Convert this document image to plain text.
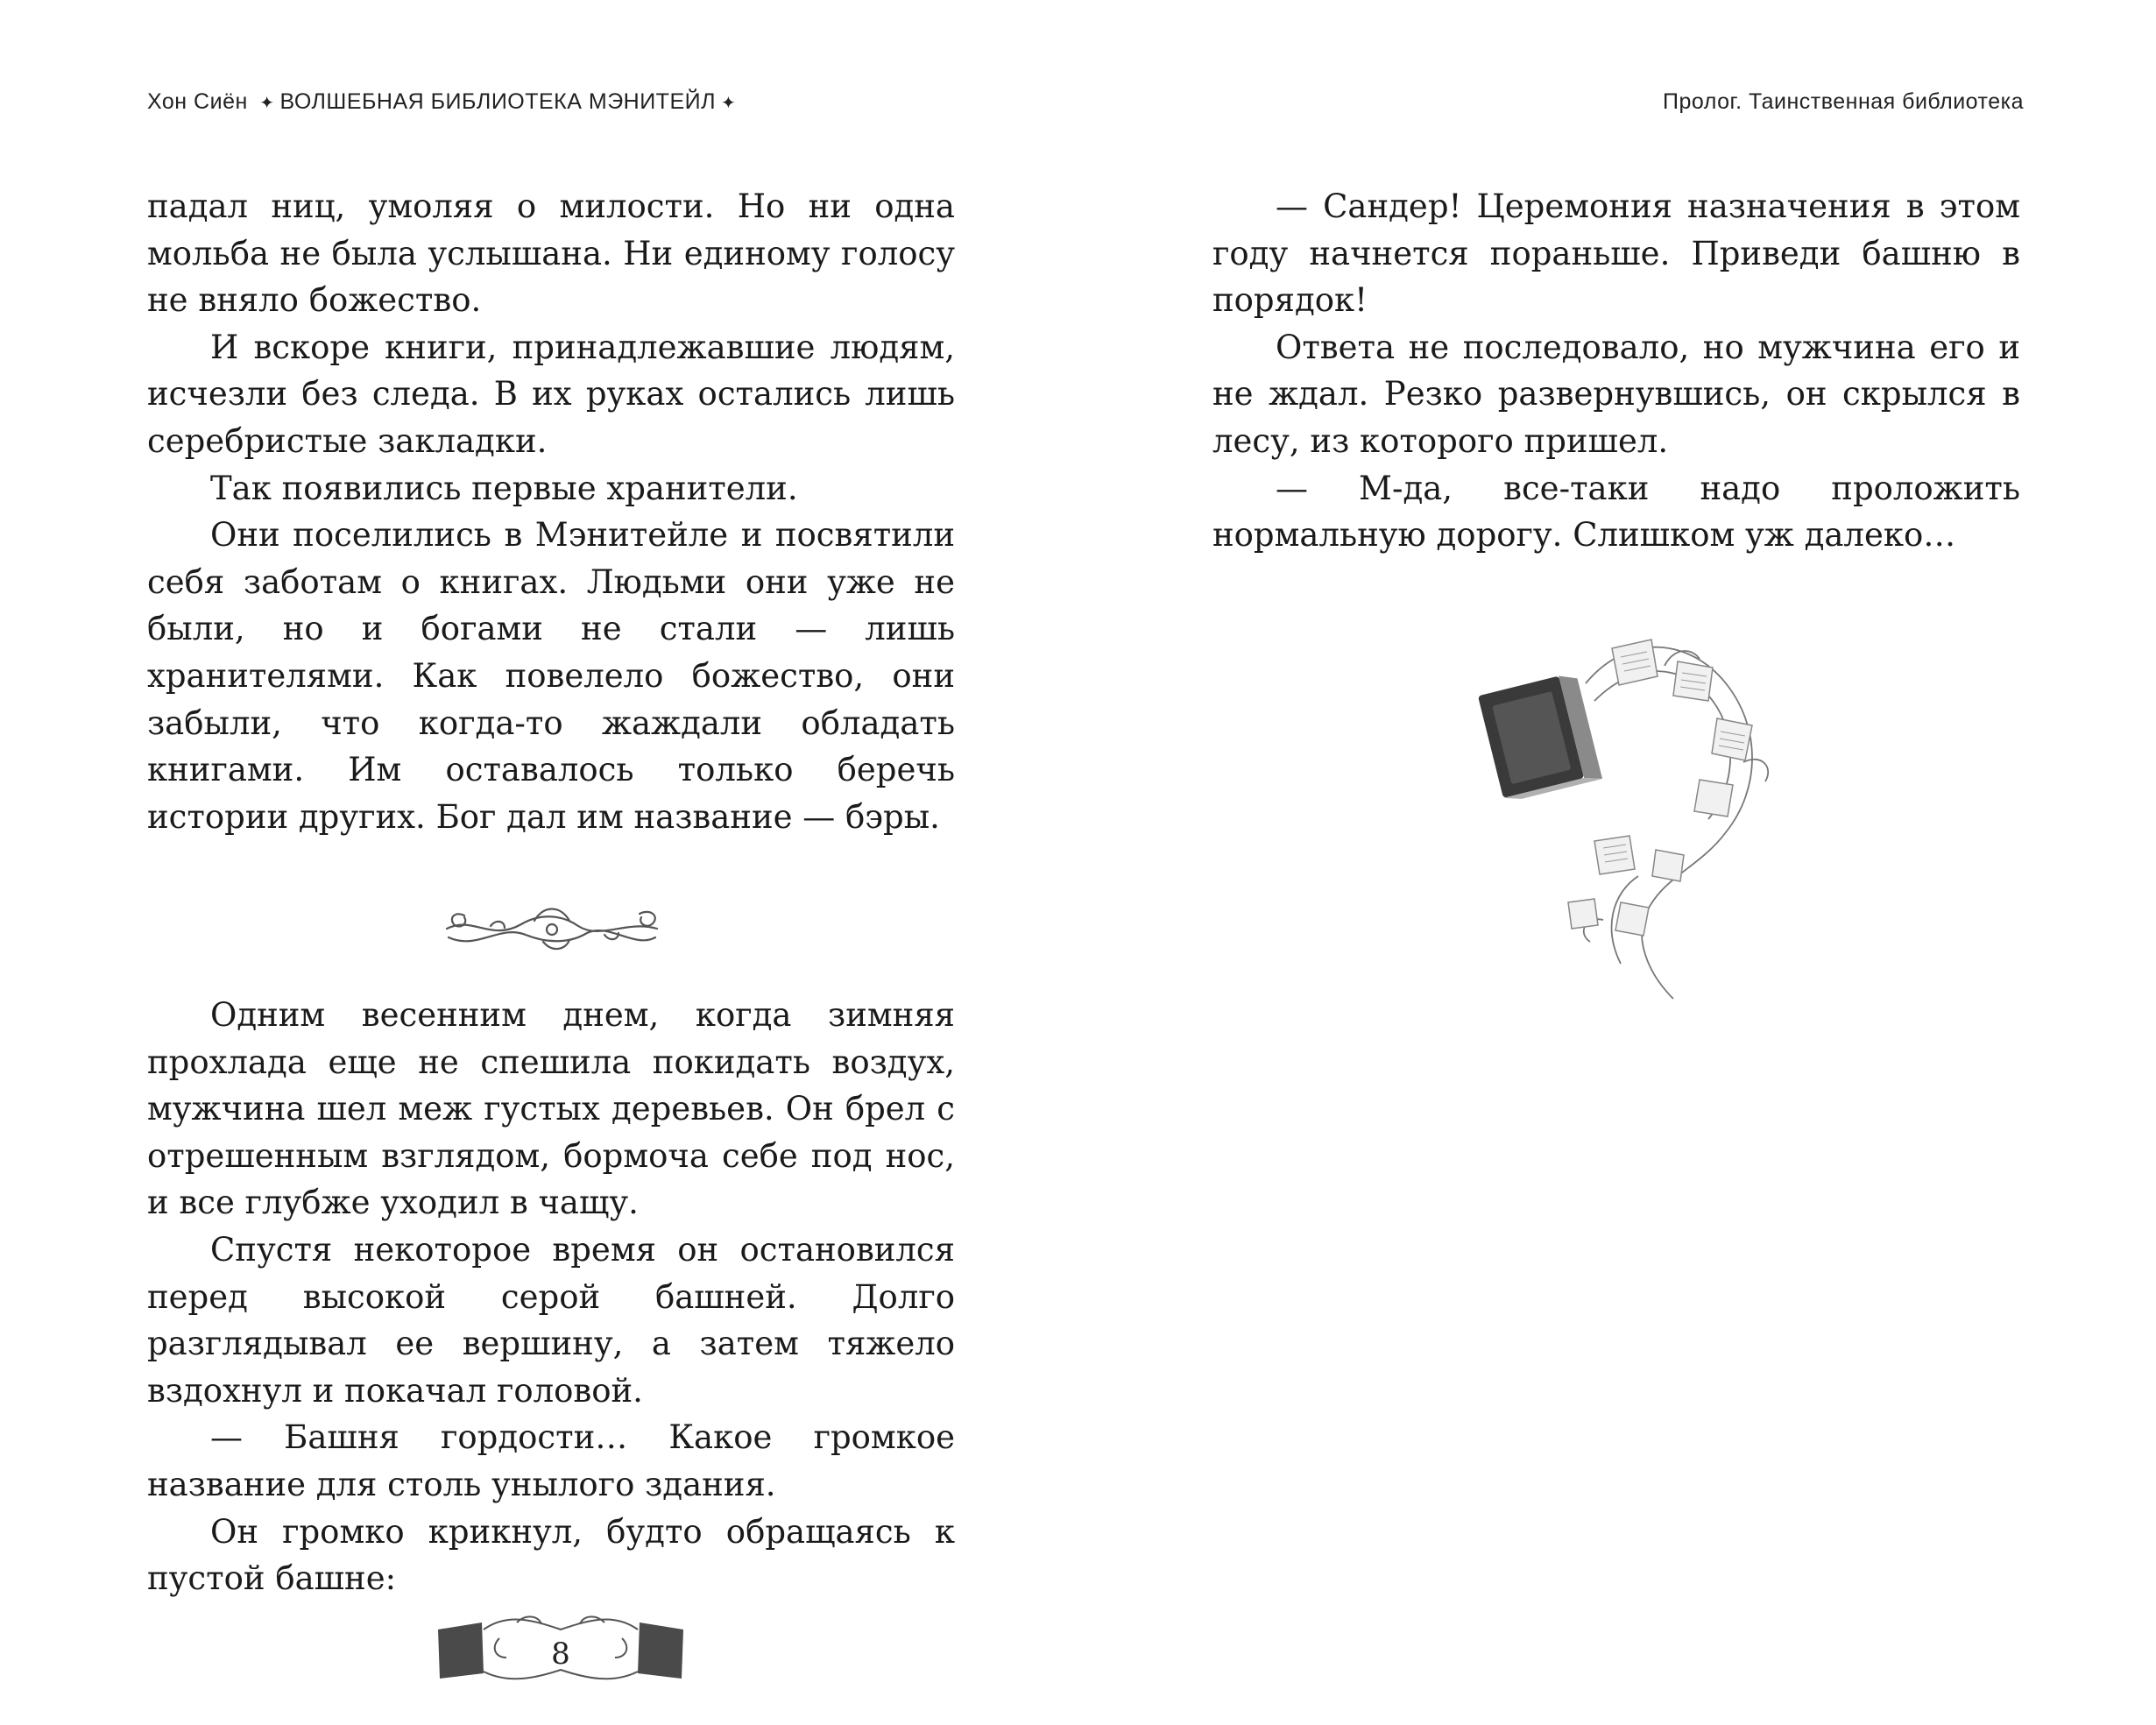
Хон Сиён ✦ ВОЛШЕБНАЯ БИБЛИОТЕКА МЭНИТЕЙЛ ✦

падал ниц, умоляя о милости. Но ни одна мольба не была услышана. Ни единому голосу не вняло божество.

И вскоре книги, принадлежавшие людям, исчезли без следа. В их руках остались лишь серебристые закладки.

Так появились первые хранители.

Они поселились в Мэнитейле и посвятили себя заботам о книгах. Людьми они уже не были, но и богами не стали — лишь хранителями. Как повелело божество, они забыли, что когда-то жаждали обладать книгами. Им оставалось только беречь истории других. Бог дал им название — бэры.

Одним весенним днем, когда зимняя прохлада еще не спешила покидать воздух, мужчина шел меж густых деревьев. Он брел с отрешенным взглядом, бормоча себе под нос, и все глубже уходил в чащу.

Спустя некоторое время он остановился перед высокой серой башней. Долго разглядывал ее вершину, а затем тяжело вздохнул и покачал головой.

— Башня гордости… Какое громкое название для столь унылого здания.

Он громко крикнул, будто обращаясь к пустой башне:

8
Пролог. Таинственная библиотека

— Сандер! Церемония назначения в этом году начнется пораньше. Приведи башню в порядок!

Ответа не последовало, но мужчина его и не ждал. Резко развернувшись, он скрылся в лесу, из которого пришел.

— М-да, все-таки надо проложить нормальную дорогу. Слишком уж далеко…
